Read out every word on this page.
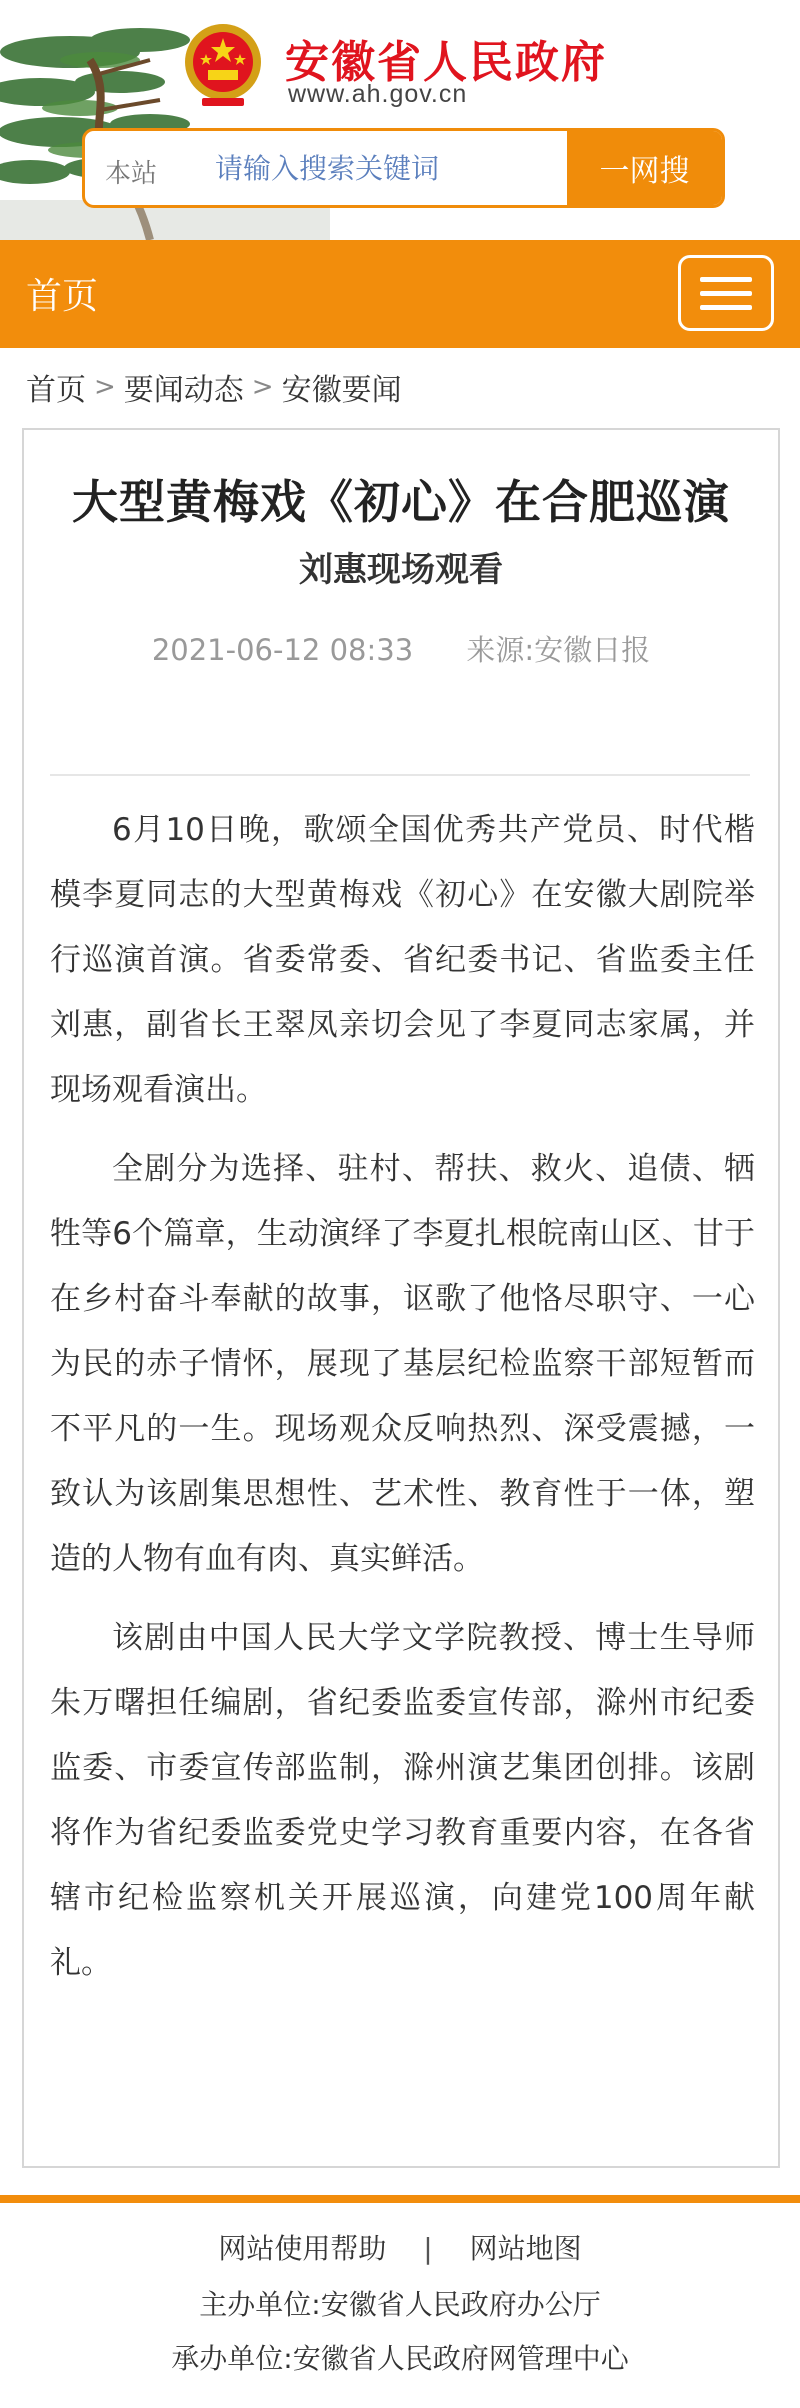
安徽省人民政府
www.ah.gov.cn
本站
请输入搜索关键词	一网搜
首页
首页 > 要闻动态 > 安徽要闻
大型黄梅戏《初心》在合肥巡演
刘惠现场观看
2021-06-12 08:33 来源:安徽日报

6月10日晚，歌颂全国优秀共产党员、时代楷模李夏同志的大型黄梅戏《初心》在安徽大剧院举行巡演首演。省委常委、省纪委书记、省监委主任刘惠，副省长王翠凤亲切会见了李夏同志家属，并现场观看演出。

全剧分为选择、驻村、帮扶、救火、追债、牺牲等6个篇章，生动演绎了李夏扎根皖南山区、甘于在乡村奋斗奉献的故事，讴歌了他恪尽职守、一心为民的赤子情怀，展现了基层纪检监察干部短暂而不平凡的一生。现场观众反响热烈、深受震撼，一致认为该剧集思想性、艺术性、教育性于一体，塑造的人物有血有肉、真实鲜活。

该剧由中国人民大学文学院教授、博士生导师朱万曙担任编剧，省纪委监委宣传部，滁州市纪委监委、市委宣传部监制，滁州演艺集团创排。该剧将作为省纪委监委党史学习教育重要内容，在各省辖市纪检监察机关开展巡演，向建党100周年献礼。

网站使用帮助 | 网站地图
主办单位:安徽省人民政府办公厅
承办单位:安徽省人民政府网管理中心
